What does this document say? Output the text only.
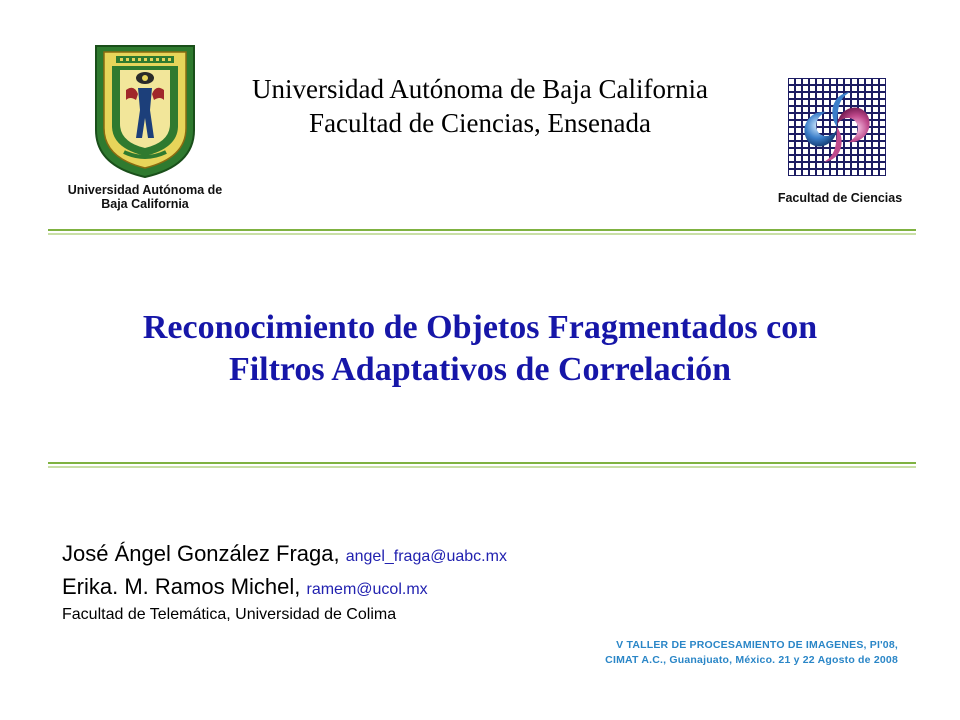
Universidad Autónoma de
Baja California
Universidad Autónoma de Baja California
Facultad de Ciencias, Ensenada
Facultad de Ciencias
Reconocimiento de Objetos Fragmentados con
Filtros Adaptativos de Correlación
José Ángel González Fraga, angel_fraga@uabc.mx
Erika. M. Ramos Michel, ramem@ucol.mx
Facultad de Telemática, Universidad de Colima
V TALLER DE PROCESAMIENTO DE IMAGENES, PI'08,
CIMAT A.C., Guanajuato, México. 21 y 22 Agosto de 2008
